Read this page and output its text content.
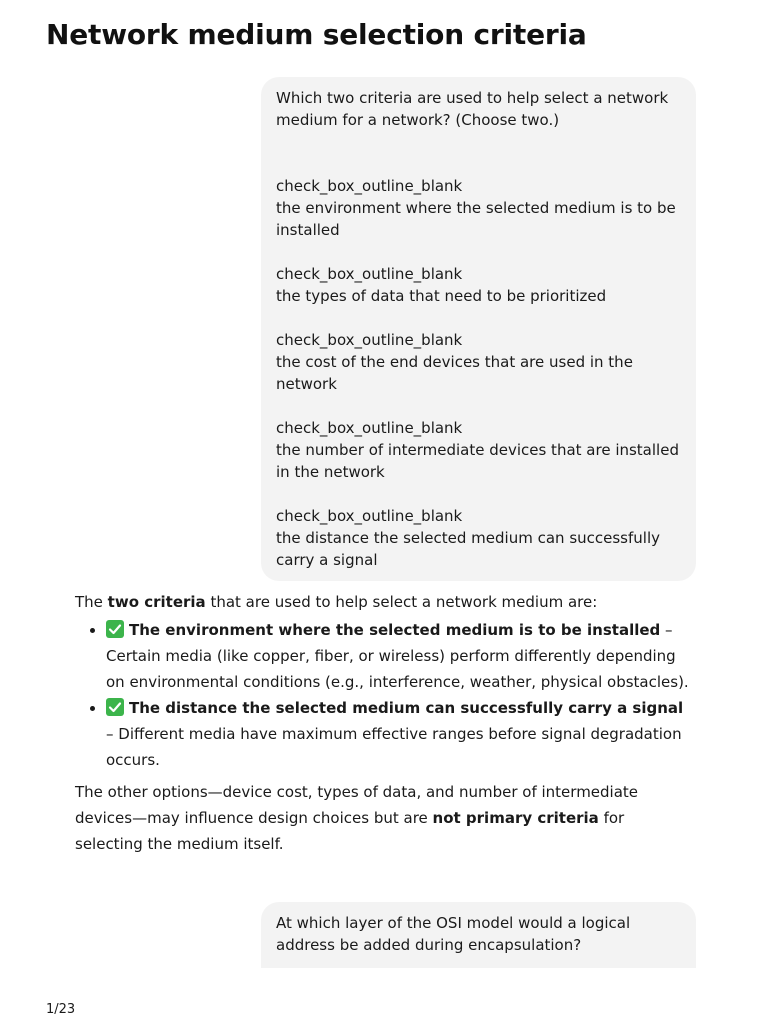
Network medium selection criteria

Which two criteria are used to help select a network medium for a network? (Choose two.)

check_box_outline_blank
the environment where the selected medium is to be installed
check_box_outline_blank
the types of data that need to be prioritized
check_box_outline_blank
the cost of the end devices that are used in the network
check_box_outline_blank
the number of intermediate devices that are installed in the network
check_box_outline_blank
the distance the selected medium can successfully carry a signal

The two criteria that are used to help select a network medium are:

• The environment where the selected medium is to be installed – Certain media (like copper, fiber, or wireless) perform differently depending on environmental conditions (e.g., interference, weather, physical obstacles).
• The distance the selected medium can successfully carry a signal – Different media have maximum effective ranges before signal degradation occurs.

The other options—device cost, types of data, and number of intermediate devices—may influence design choices but are not primary criteria for selecting the medium itself.

At which layer of the OSI model would a logical address be added during encapsulation?

1/23
